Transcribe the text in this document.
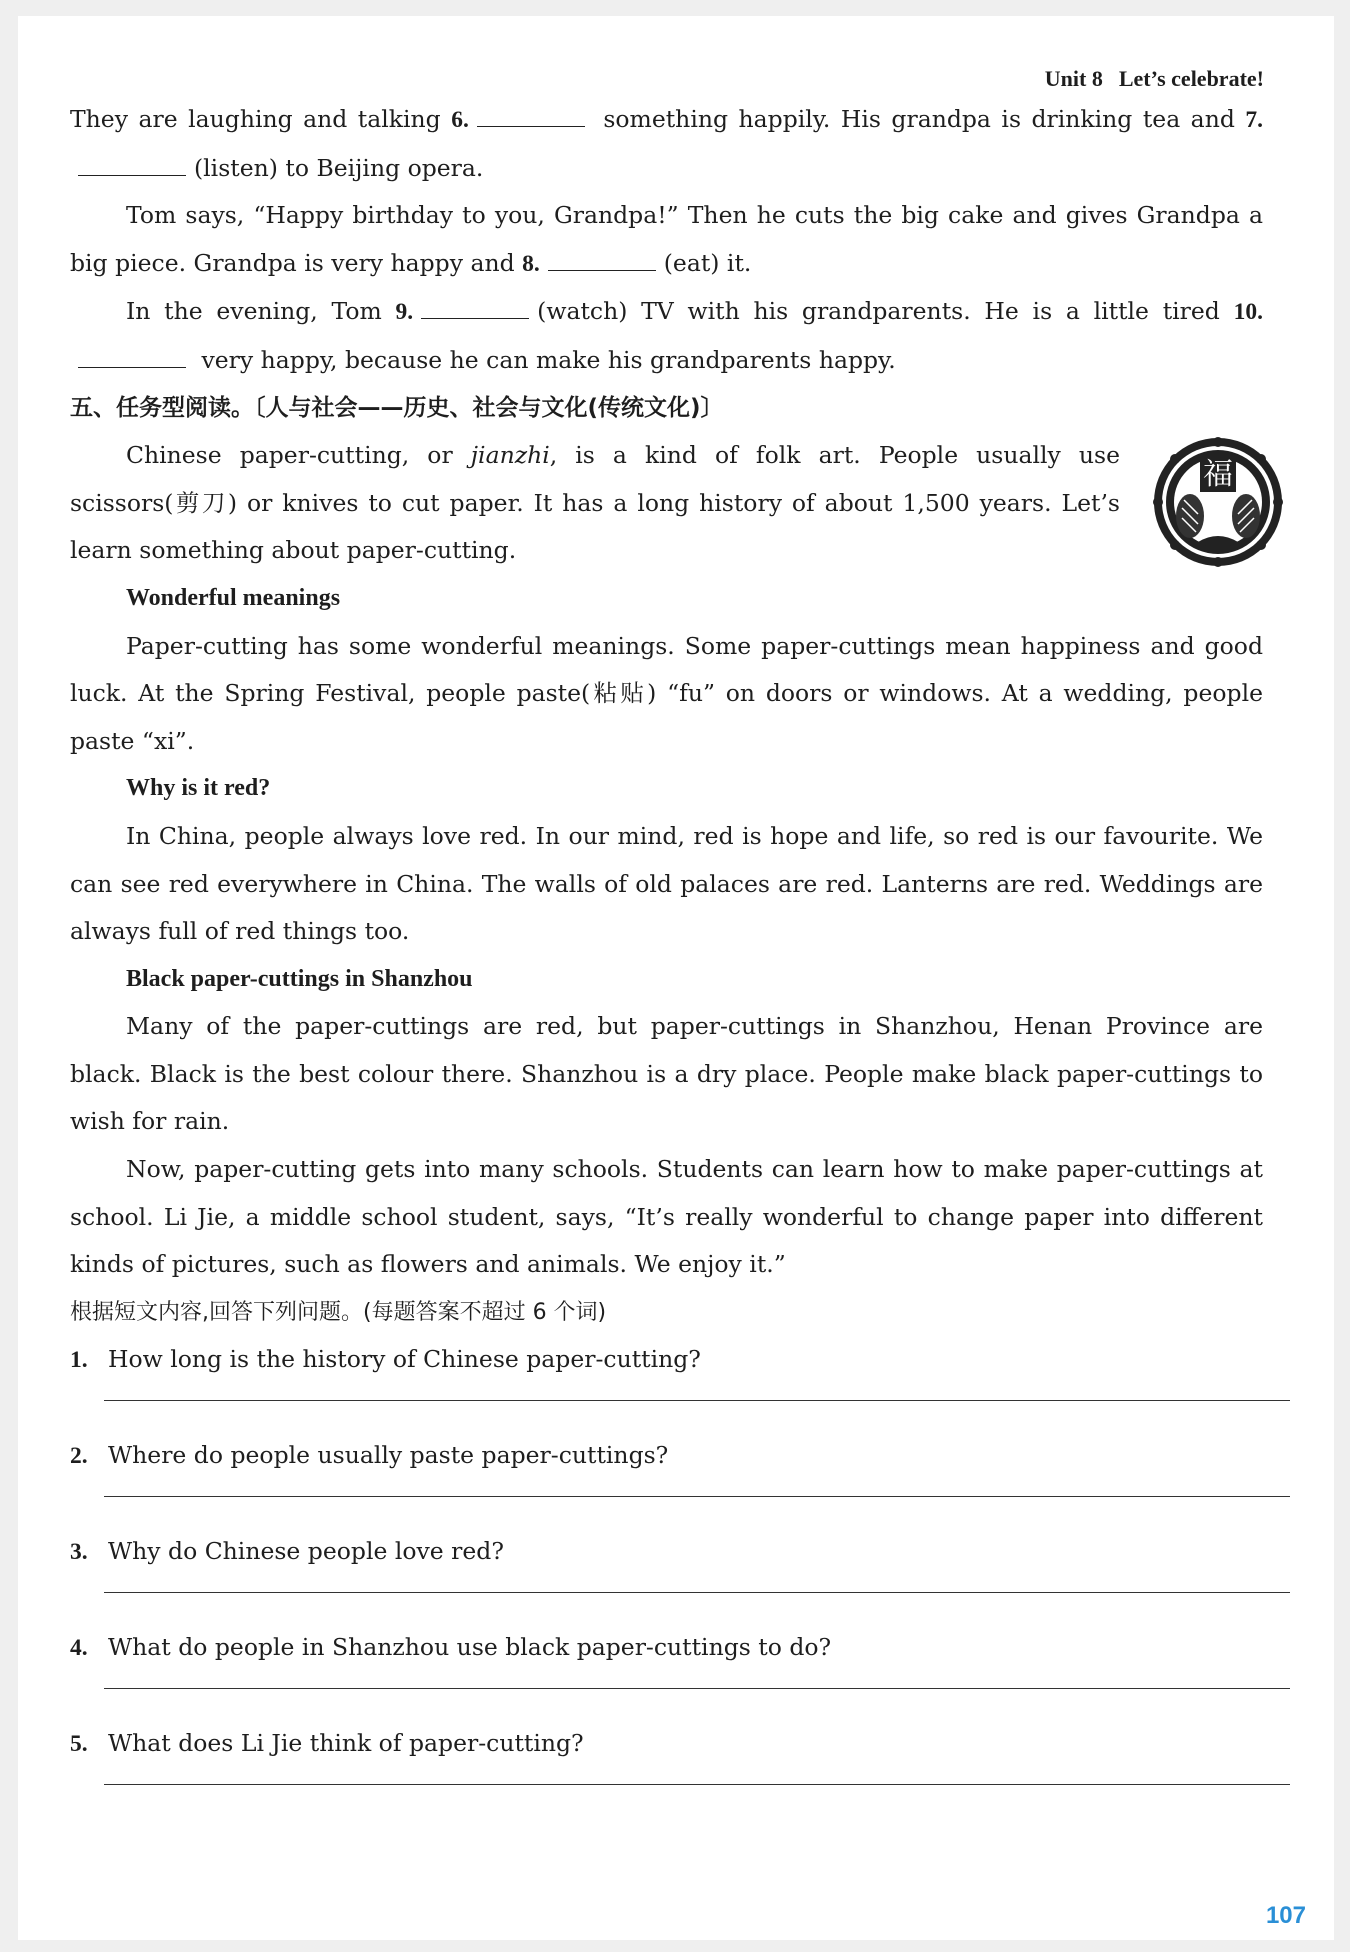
Unit 8 Let’s celebrate!
They are laughing and talking 6.	something happily. His grandpa is drinking tea and 7.(listen) to Beijing opera.
Tom says, “Happy birthday to you, Grandpa!” Then he cuts the big cake and gives Grandpa a big piece. Grandpa is very happy and 8.	(eat) it.
In the evening, Tom 9.	(watch) TV with his grandparents. He is a little tired 10. very happy, because he can make his grandparents happy.
五、任务型阅读。〔人与社会——历史、社会与文化(传统文化)〕
Chinese paper-cutting, or jianzhi, is a kind of folk art. People usually use scissors(剪刀) or knives to cut paper. It has a long history of about 1,500 years. Let’s learn something about paper-cutting.
福
Wonderful meanings
Paper-cutting has some wonderful meanings. Some paper-cuttings mean happiness and good luck. At the Spring Festival, people paste(粘贴) “fu” on doors or windows. At a wedding, people paste “xi”.
Why is it red?
In China, people always love red. In our mind, red is hope and life, so red is our favourite. We can see red everywhere in China. The walls of old palaces are red. Lanterns are red. Weddings are always full of red things too.
Black paper-cuttings in Shanzhou
Many of the paper-cuttings are red, but paper-cuttings in Shanzhou, Henan Province are black. Black is the best colour there. Shanzhou is a dry place. People make black paper-cuttings to wish for rain.
Now, paper-cutting gets into many schools. Students can learn how to make paper-cuttings at school. Li Jie, a middle school student, says, “It’s really wonderful to change paper into different kinds of pictures, such as flowers and animals. We enjoy it.”
根据短文内容,回答下列问题。(每题答案不超过 6 个词)
1. How long is the history of Chinese paper-cutting?
2. Where do people usually paste paper-cuttings?
3. Why do Chinese people love red?
4. What do people in Shanzhou use black paper-cuttings to do?
5. What does Li Jie think of paper-cutting?
107
